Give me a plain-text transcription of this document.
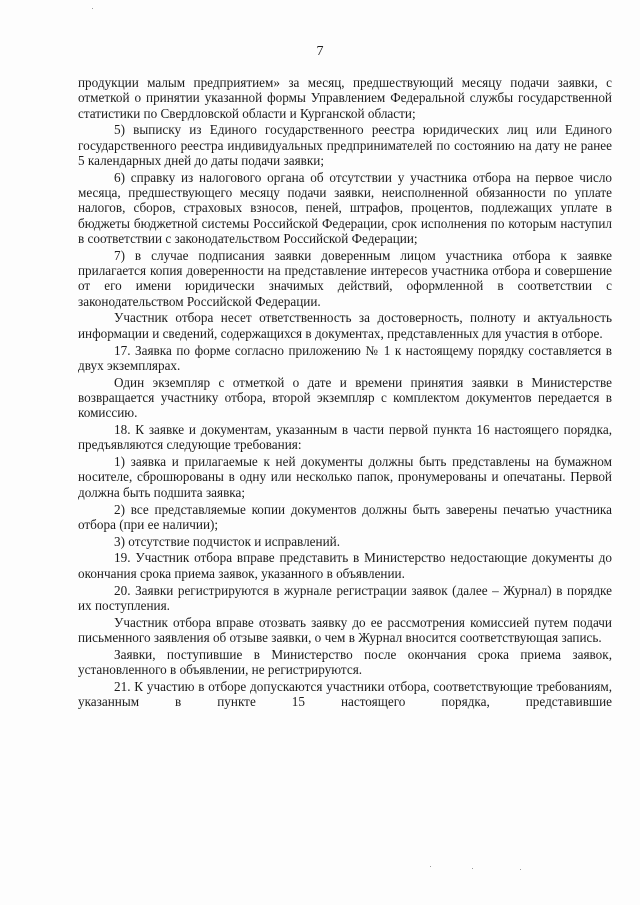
7

продукции малым предприятием» за месяц, предшествующий месяцу подачи заявки, с отметкой о принятии указанной формы Управлением Федеральной службы государственной статистики по Свердловской области и Курганской области;

5) выписку из Единого государственного реестра юридических лиц или Единого государственного реестра индивидуальных предпринимателей по состоянию на дату не ранее 5 календарных дней до даты подачи заявки;

6) справку из налогового органа об отсутствии у участника отбора на первое число месяца, предшествующего месяцу подачи заявки, неисполненной обязанности по уплате налогов, сборов, страховых взносов, пеней, штрафов, процентов, подлежащих уплате в бюджеты бюджетной системы Российской Федерации, срок исполнения по которым наступил в соответствии с законодательством Российской Федерации;

7) в случае подписания заявки доверенным лицом участника отбора к заявке прилагается копия доверенности на представление интересов участника отбора и совершение от его имени юридически значимых действий, оформленной в соответствии с законодательством Российской Федерации.

Участник отбора несет ответственность за достоверность, полноту и актуальность информации и сведений, содержащихся в документах, представленных для участия в отборе.

17. Заявка по форме согласно приложению № 1 к настоящему порядку составляется в двух экземплярах.

Один экземпляр с отметкой о дате и времени принятия заявки в Министерстве возвращается участнику отбора, второй экземпляр с комплектом документов передается в комиссию.

18. К заявке и документам, указанным в части первой пункта 16 настоящего порядка, предъявляются следующие требования:

1) заявка и прилагаемые к ней документы должны быть представлены на бумажном носителе, сброшюрованы в одну или несколько папок, пронумерованы и опечатаны. Первой должна быть подшита заявка;

2) все представляемые копии документов должны быть заверены печатью участника отбора (при ее наличии);

3) отсутствие подчисток и исправлений.

19. Участник отбора вправе представить в Министерство недостающие документы до окончания срока приема заявок, указанного в объявлении.

20. Заявки регистрируются в журнале регистрации заявок (далее – Журнал) в порядке их поступления.

Участник отбора вправе отозвать заявку до ее рассмотрения комиссией путем подачи письменного заявления об отзыве заявки, о чем в Журнал вносится соответствующая запись.

Заявки, поступившие в Министерство после окончания срока приема заявок, установленного в объявлении, не регистрируются.

21. К участию в отборе допускаются участники отбора, соответствующие требованиям, указанным в пункте 15 настоящего порядка, представившие
